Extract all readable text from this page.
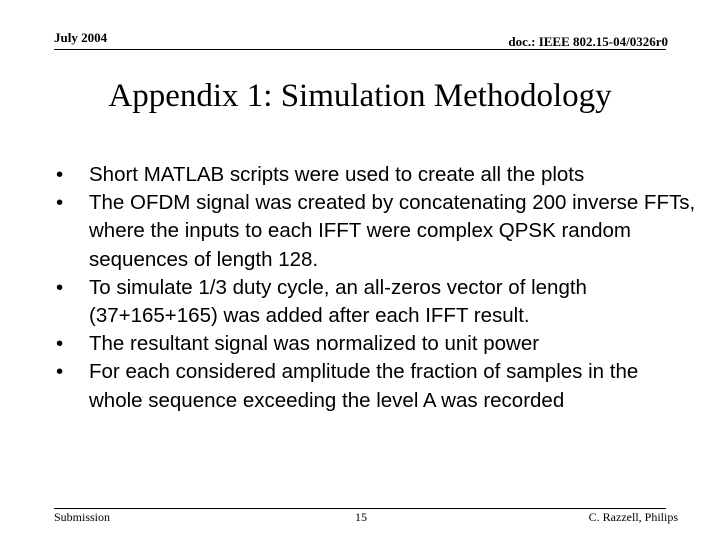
July 2004	doc.: IEEE 802.15-04/0326r0
Appendix 1: Simulation Methodology
• Short MATLAB scripts were used to create all the plots
• The OFDM signal was created by concatenating 200 inverse FFTs, where the inputs to each IFFT were complex QPSK random sequences of length 128.
• To simulate 1/3 duty cycle, an all-zeros vector of length (37+165+165) was added after each IFFT result.
• The resultant signal was normalized to unit power
• For each considered amplitude the fraction of samples in the whole sequence exceeding the level A was recorded
Submission	15	C. Razzell, Philips
